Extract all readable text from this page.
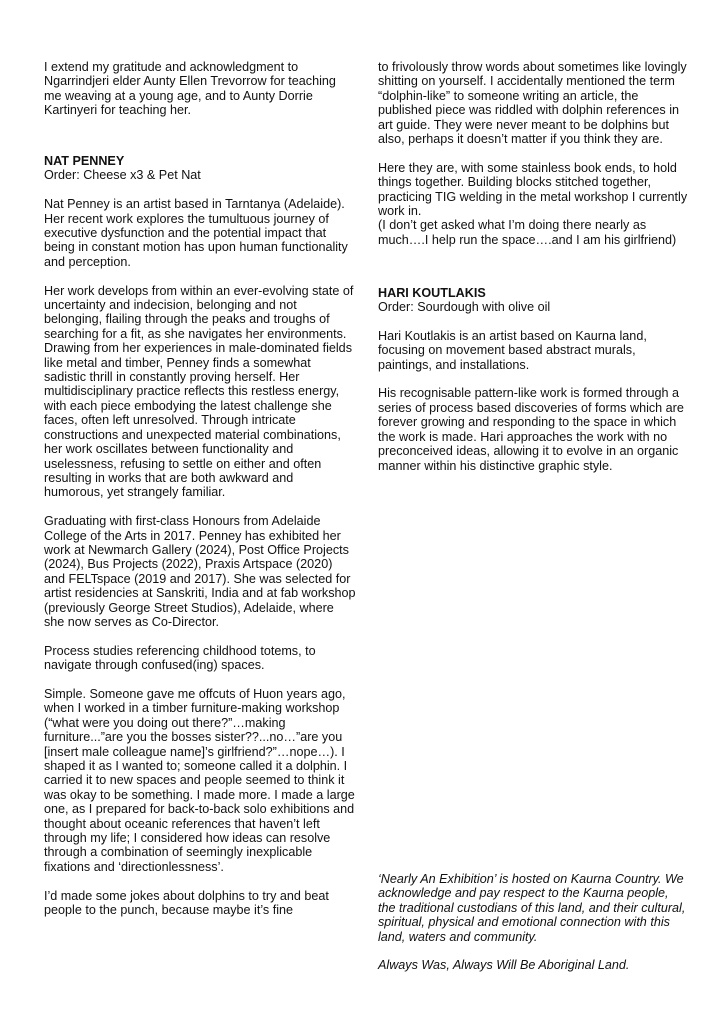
I extend my gratitude and acknowledgment to Ngarrindjeri elder Aunty Ellen Trevorrow for teaching me weaving at a young age, and to Aunty Dorrie Kartinyeri for teaching her.

NAT PENNEY
Order: Cheese x3 & Pet Nat

Nat Penney is an artist based in Tarntanya (Adelaide). Her recent work explores the tumultuous journey of executive dysfunction and the potential impact that being in constant motion has upon human functionality and perception.

Her work develops from within an ever-evolving state of uncertainty and indecision, belonging and not belonging, flailing through the peaks and troughs of searching for a fit, as she navigates her environments. Drawing from her experiences in male-dominated fields like metal and timber, Penney finds a somewhat sadistic thrill in constantly proving herself. Her multidisciplinary practice reflects this restless energy, with each piece embodying the latest challenge she faces, often left unresolved. Through intricate constructions and unexpected material combinations, her work oscillates between functionality and uselessness, refusing to settle on either and often resulting in works that are both awkward and humorous, yet strangely familiar.

Graduating with first-class Honours from Adelaide College of the Arts in 2017. Penney has exhibited her work at Newmarch Gallery (2024), Post Office Projects (2024), Bus Projects (2022), Praxis Artspace (2020) and FELTspace (2019 and 2017). She was selected for artist residencies at Sanskriti, India and at fab workshop (previously George Street Studios), Adelaide, where she now serves as Co-Director.

Process studies referencing childhood totems, to navigate through confused(ing) spaces.

Simple. Someone gave me offcuts of Huon years ago, when I worked in a timber furniture-making workshop (“what were you doing out there?”…making furniture...”are you the bosses sister??...no…”are you [insert male colleague name]’s girlfriend?”…nope…). I shaped it as I wanted to; someone called it a dolphin. I carried it to new spaces and people seemed to think it was okay to be something. I made more. I made a large one, as I prepared for back-to-back solo exhibitions and thought about oceanic references that haven’t left through my life; I considered how ideas can resolve through a combination of seemingly inexplicable fixations and ‘directionlessness’.

I’d made some jokes about dolphins to try and beat people to the punch, because maybe it’s fine

to frivolously throw words about sometimes like lovingly shitting on yourself. I accidentally mentioned the term “dolphin-like” to someone writing an article, the published piece was riddled with dolphin references in art guide. They were never meant to be dolphins but also, perhaps it doesn’t matter if you think they are.

Here they are, with some stainless book ends, to hold things together. Building blocks stitched together, practicing TIG welding in the metal workshop I currently work in.
(I don’t get asked what I’m doing there nearly as much….I help run the space….and I am his girlfriend)

HARI KOUTLAKIS
Order: Sourdough with olive oil

Hari Koutlakis is an artist based on Kaurna land, focusing on movement based abstract murals, paintings, and installations.

His recognisable pattern-like work is formed through a series of process based discoveries of forms which are forever growing and responding to the space in which the work is made. Hari approaches the work with no preconceived ideas, allowing it to evolve in an organic manner within his distinctive graphic style.

‘Nearly An Exhibition’ is hosted on Kaurna Country. We acknowledge and pay respect to the Kaurna people, the traditional custodians of this land, and their cultural, spiritual, physical and emotional connection with this land, waters and community.

Always Was, Always Will Be Aboriginal Land.
